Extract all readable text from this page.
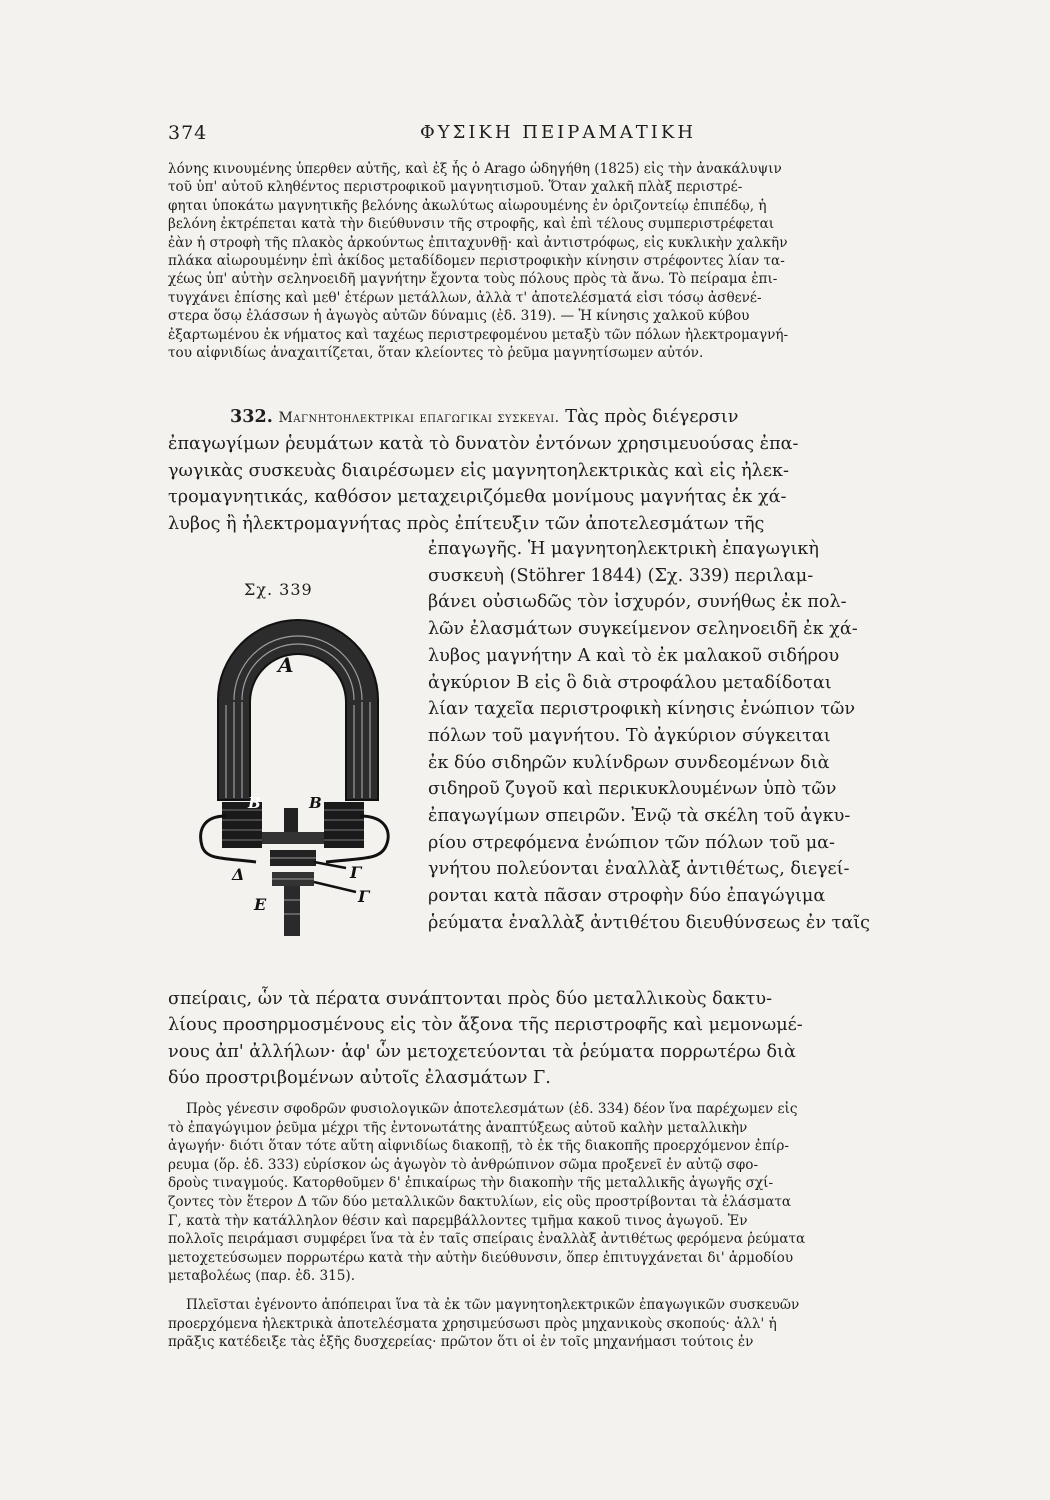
374	ΦΥΣΙΚΗ ΠΕΙΡΑΜΑΤΙΚΗ
λόνης κινουμένης ὑπερθεν αὐτῆς, καὶ ἐξ ἧς ὁ Arago ὡδηγήθη (1825) εἰς τὴν ἀνακάλυψιν
τοῦ ὑπ' αὐτοῦ κληθέντος περιστροφικοῦ μαγνητισμοῦ. Ὅταν χαλκῆ πλὰξ περιστρέ-
φηται ὑποκάτω μαγνητικῆς βελόνης ἀκωλύτως αἰωρουμένης ἐν ὁριζοντείῳ ἐπιπέδῳ, ἡ
βελόνη ἐκτρέπεται κατὰ τὴν διεύθυνσιν τῆς στροφῆς, καὶ ἐπὶ τέλους συμπεριστρέφεται
ἐὰν ἡ στροφὴ τῆς πλακὸς ἀρκούντως ἐπιταχυνθῇ· καὶ ἀντιστρόφως, εἰς κυκλικὴν χαλκῆν
πλάκα αἰωρουμένην ἐπὶ ἀκίδος μεταδίδομεν περιστροφικὴν κίνησιν στρέφοντες λίαν τα-
χέως ὑπ' αὐτὴν σεληνοειδῆ μαγνήτην ἔχοντα τοὺς πόλους πρὸς τὰ ἄνω. Τὸ πείραμα ἐπι-
τυγχάνει ἐπίσης καὶ μεθ' ἑτέρων μετάλλων, ἀλλὰ τ' ἀποτελέσματά εἰσι τόσῳ ἀσθενέ-
στερα ὅσῳ ἐλάσσων ἡ ἀγωγὸς αὐτῶν δύναμις (ἐδ. 319). — Ἡ κίνησις χαλκοῦ κύβου
ἐξαρτωμένου ἐκ νήματος καὶ ταχέως περιστρεφομένου μεταξὺ τῶν πόλων ἠλεκτρομαγνή-
του αἰφνιδίως ἀναχαιτίζεται, ὅταν κλείοντες τὸ ῥεῦμα μαγνητίσωμεν αὐτόν.
332. Μαγνητοηλεκτρικαι επαγωγικαι συσκευαι. Τὰς πρὸς διέγερσιν
ἐπαγωγίμων ῥευμάτων κατὰ τὸ δυνατὸν ἐντόνων χρησιμευούσας ἐπα-
γωγικὰς συσκευὰς διαιρέσωμεν εἰς μαγνητοηλεκτρικὰς καὶ εἰς ἠλεκ-
τρομαγνητικάς, καθόσον μεταχειριζόμεθα μονίμους μαγνήτας ἐκ χά-
λυβος ἢ ἠλεκτρομαγνήτας πρὸς ἐπίτευξιν τῶν ἀποτελεσμάτων τῆς
Σχ. 339
Α
Β	Β
Γ
Γ
Δ
Ε
ἐπαγωγῆς. Ἡ μαγνητοηλεκτρικὴ ἐπαγωγικὴ
συσκευὴ (Stöhrer 1844) (Σχ. 339) περιλαμ-
βάνει οὐσιωδῶς τὸν ἰσχυρόν, συνήθως ἐκ πολ-
λῶν ἐλασμάτων συγκείμενον σεληνοειδῆ ἐκ χά-
λυβος μαγνήτην Α καὶ τὸ ἐκ μαλακοῦ σιδήρου
ἀγκύριον Β εἰς ὃ διὰ στροφάλου μεταδίδοται
λίαν ταχεῖα περιστροφικὴ κίνησις ἐνώπιον τῶν
πόλων τοῦ μαγνήτου. Τὸ ἀγκύριον σύγκειται
ἐκ δύο σιδηρῶν κυλίνδρων συνδεομένων διὰ
σιδηροῦ ζυγοῦ καὶ περικυκλουμένων ὑπὸ τῶν
ἐπαγωγίμων σπειρῶν. Ἐνῷ τὰ σκέλη τοῦ ἀγκυ-
ρίου στρεφόμενα ἐνώπιον τῶν πόλων τοῦ μα-
γνήτου πολεύονται ἐναλλὰξ ἀντιθέτως, διεγεί-
ρονται κατὰ πᾶσαν στροφὴν δύο ἐπαγώγιμα
ῥεύματα ἐναλλὰξ ἀντιθέτου διευθύνσεως ἐν ταῖς
σπείραις, ὧν τὰ πέρατα συνάπτονται πρὸς δύο μεταλλικοὺς δακτυ-
λίους προσηρμοσμένους εἰς τὸν ἄξονα τῆς περιστροφῆς καὶ μεμονωμέ-
νους ἀπ' ἀλλήλων· ἀφ' ὧν μετοχετεύονται τὰ ῥεύματα πορρωτέρω διὰ
δύο προστριβομένων αὐτοῖς ἐλασμάτων Γ.
Πρὸς γένεσιν σφοδρῶν φυσιολογικῶν ἀποτελεσμάτων (ἐδ. 334) δέον ἵνα παρέχωμεν εἰς
τὸ ἐπαγώγιμον ῥεῦμα μέχρι τῆς ἐντονωτάτης ἀναπτύξεως αὐτοῦ καλὴν μεταλλικὴν
ἀγωγήν· διότι ὅταν τότε αὕτη αἰφνιδίως διακοπῇ, τὸ ἐκ τῆς διακοπῆς προερχόμενον ἐπίρ-
ρευμα (ὅρ. ἐδ. 333) εὑρίσκον ὡς ἀγωγὸν τὸ ἀνθρώπινον σῶμα προξενεῖ ἐν αὐτῷ σφο-
δροὺς τιναγμούς. Κατορθοῦμεν δ' ἐπικαίρως τὴν διακοπὴν τῆς μεταλλικῆς ἀγωγῆς σχί-
ζοντες τὸν ἕτερον Δ τῶν δύο μεταλλικῶν δακτυλίων, εἰς οὓς προστρίβονται τὰ ἐλάσματα
Γ, κατὰ τὴν κατάλληλον θέσιν καὶ παρεμβάλλοντες τμῆμα κακοῦ τινος ἀγωγοῦ. Ἐν
πολλοῖς πειράμασι συμφέρει ἵνα τὰ ἐν ταῖς σπείραις ἐναλλὰξ ἀντιθέτως φερόμενα ῥεύματα
μετοχετεύσωμεν πορρωτέρω κατὰ τὴν αὐτὴν διεύθυνσιν, ὅπερ ἐπιτυγχάνεται δι' ἁρμοδίου
μεταβολέως (παρ. ἐδ. 315).
Πλεῖσται ἐγένοντο ἀπόπειραι ἵνα τὰ ἐκ τῶν μαγνητοηλεκτρικῶν ἐπαγωγικῶν συσκευῶν
προερχόμενα ἠλεκτρικὰ ἀποτελέσματα χρησιμεύσωσι πρὸς μηχανικοὺς σκοπούς· ἀλλ' ἡ
πρᾶξις κατέδειξε τὰς ἑξῆς δυσχερείας· πρῶτον ὅτι οἱ ἐν τοῖς μηχανήμασι τούτοις ἐν
